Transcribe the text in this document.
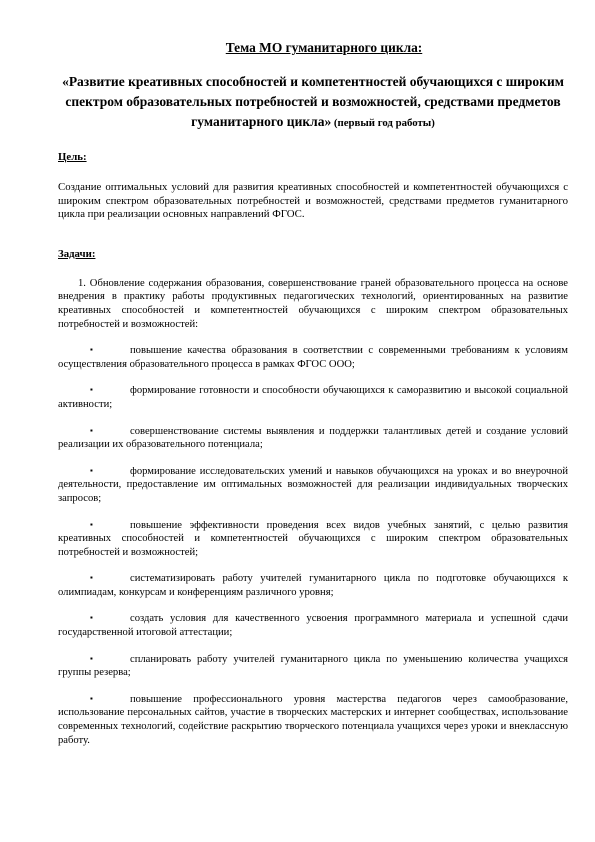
Тема МО гуманитарного цикла:
«Развитие креативных способностей и компетентностей обучающихся с широким спектром образовательных потребностей и возможностей, средствами предметов гуманитарного цикла» (первый год работы)
Цель:
Создание оптимальных условий для развития креативных способностей и компетентностей обучающихся с широким спектром образовательных потребностей и возможностей, средствами предметов гуманитарного цикла при реализации основных направлений ФГОС.
Задачи:
1. Обновление содержания образования, совершенствование граней образовательного процесса на основе внедрения в практику работы продуктивных педагогических технологий, ориентированных на развитие креативных способностей и компетентностей обучающихся с широким спектром образовательных потребностей и возможностей:
▪	повышение качества образования в соответствии с современными требованиям к условиям осуществления образовательного процесса в рамках ФГОС ООО;
▪	формирование готовности и способности обучающихся к саморазвитию и высокой социальной активности;
▪	совершенствование системы выявления и поддержки талантливых детей и создание условий реализации их образовательного потенциала;
▪	формирование исследовательских умений и навыков обучающихся на уроках и во внеурочной деятельности, предоставление им оптимальных возможностей для реализации индивидуальных творческих запросов;
▪	повышение эффективности проведения всех видов учебных занятий, с целью развития креативных способностей и компетентностей обучающихся с широким спектром образовательных потребностей и возможностей;
▪	систематизировать работу учителей гуманитарного цикла по подготовке обучающихся к олимпиадам, конкурсам и конференциям различного уровня;
▪	создать условия для качественного усвоения программного материала и успешной сдачи государственной итоговой аттестации;
▪	спланировать работу учителей гуманитарного цикла по уменьшению количества учащихся группы резерва;
▪	повышение профессионального уровня мастерства педагогов через самообразование, использование персональных сайтов, участие в творческих мастерских и интернет сообществах, использование современных технологий, содействие раскрытию творческого потенциала учащихся через уроки и внеклассную работу.
